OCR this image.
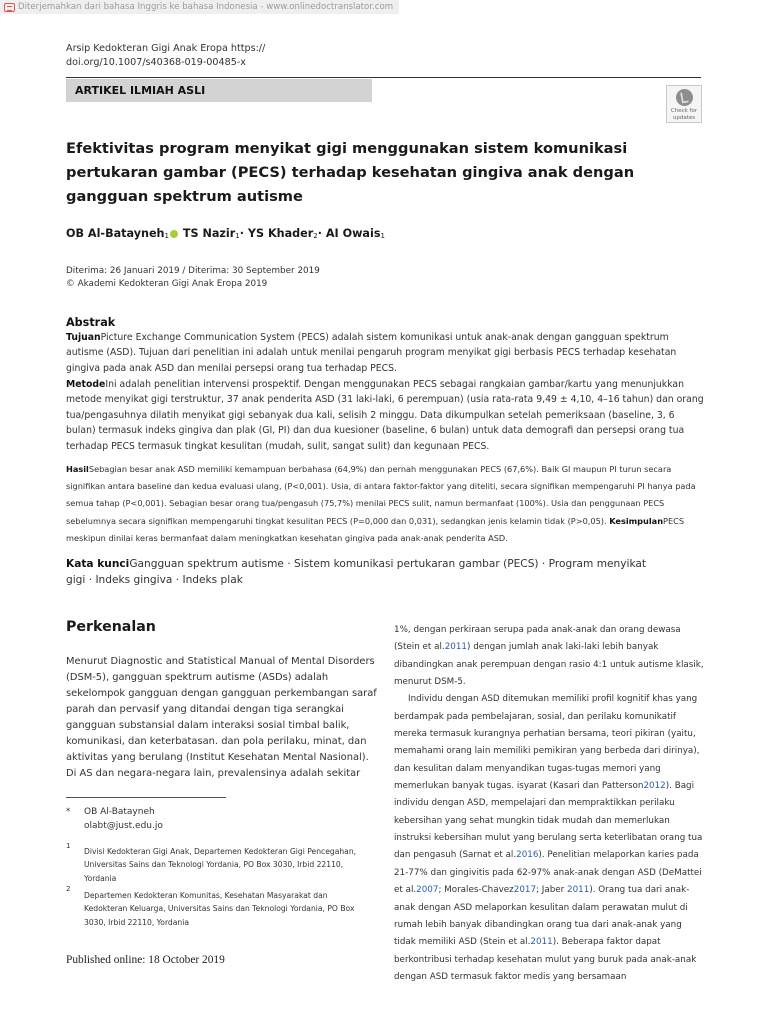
Diterjemahkan dari bahasa Inggris ke bahasa Indonesia - www.onlinedoctranslator.com
Arsip Kedokteran Gigi Anak Eropa https://
doi.org/10.1007/s40368-019-00485-x
ARTIKEL ILMIAH ASLI
Check for
updates
Efektivitas program menyikat gigi menggunakan sistem komunikasi pertukaran gambar (PECS) terhadap kesehatan gingiva anak dengan gangguan spektrum autisme
OB Al-Batayneh$_1$ TS Nazir$_1$· YS Khader$_2$· AI Owais$_1$
Diterima: 26 Januari 2019 / Diterima: 30 September 2019
© Akademi Kedokteran Gigi Anak Eropa 2019
Abstrak
TujuanPicture Exchange Communication System (PECS) adalah sistem komunikasi untuk anak-anak dengan gangguan spektrum autisme (ASD). Tujuan dari penelitian ini adalah untuk menilai pengaruh program menyikat gigi berbasis PECS terhadap kesehatan gingiva pada anak ASD dan menilai persepsi orang tua terhadap PECS.
MetodeIni adalah penelitian intervensi prospektif. Dengan menggunakan PECS sebagai rangkaian gambar/kartu yang menunjukkan metode menyikat gigi terstruktur, 37 anak penderita ASD (31 laki-laki, 6 perempuan) (usia rata-rata 9,49 ± 4,10, 4–16 tahun) dan orang tua/pengasuhnya dilatih menyikat gigi sebanyak dua kali, selisih 2 minggu. Data dikumpulkan setelah pemeriksaan (baseline, 3, 6 bulan) termasuk indeks gingiva dan plak (GI, PI) dan dua kuesioner (baseline, 6 bulan) untuk data demografi dan persepsi orang tua terhadap PECS termasuk tingkat kesulitan (mudah, sulit, sangat sulit) dan kegunaan PECS.
HasilSebagian besar anak ASD memiliki kemampuan berbahasa (64,9%) dan pernah menggunakan PECS (67,6%). Baik GI maupun PI turun secara signifikan antara baseline dan kedua evaluasi ulang, (P<0,001). Usia, di antara faktor-faktor yang diteliti, secara signifikan mempengaruhi PI hanya pada semua tahap (P<0,001). Sebagian besar orang tua/pengasuh (75,7%) menilai PECS sulit, namun bermanfaat (100%). Usia dan penggunaan PECS sebelumnya secara signifikan mempengaruhi tingkat kesulitan PECS (P=0,000 dan 0,031), sedangkan jenis kelamin tidak (P>0,05). KesimpulanPECS meskipun dinilai keras bermanfaat dalam meningkatkan kesehatan gingiva pada anak-anak penderita ASD.
Kata kunciGangguan spektrum autisme · Sistem komunikasi pertukaran gambar (PECS) · Program menyikat gigi · Indeks gingiva · Indeks plak
Perkenalan
Menurut Diagnostic and Statistical Manual of Mental Disorders (DSM-5), gangguan spektrum autisme (ASDs) adalah sekelompok gangguan dengan gangguan perkembangan saraf parah dan pervasif yang ditandai dengan tiga serangkai gangguan substansial dalam interaksi sosial timbal balik, komunikasi, dan keterbatasan. dan pola perilaku, minat, dan aktivitas yang berulang (Institut Kesehatan Mental Nasional). Di AS dan negara-negara lain, prevalensinya adalah sekitar
* OB Al-Batayneh
olabt@just.edu.jo
1
Divisi Kedokteran Gigi Anak, Departemen Kedokteran Gigi Pencegahan, Universitas Sains dan Teknologi Yordania, PO Box 3030, Irbid 22110, Yordania
2
Departemen Kedokteran Komunitas, Kesehatan Masyarakat dan Kedokteran Keluarga, Universitas Sains dan Teknologi Yordania, PO Box 3030, Irbid 22110, Yordania
Published online: 18 October 2019

1%, dengan perkiraan serupa pada anak-anak dan orang dewasa (Stein et al.2011) dengan jumlah anak laki-laki lebih banyak dibandingkan anak perempuan dengan rasio 4:1 untuk autisme klasik, menurut DSM-5.

Individu dengan ASD ditemukan memiliki profil kognitif khas yang berdampak pada pembelajaran, sosial, dan perilaku komunikatif mereka termasuk kurangnya perhatian bersama, teori pikiran (yaitu, memahami orang lain memiliki pemikiran yang berbeda dari dirinya), dan kesulitan dalam menyandikan tugas-tugas memori yang memerlukan banyak tugas. isyarat (Kasari dan Patterson2012). Bagi individu dengan ASD, mempelajari dan mempraktikkan perilaku kebersihan yang sehat mungkin tidak mudah dan memerlukan instruksi kebersihan mulut yang berulang serta keterlibatan orang tua dan pengasuh (Sarnat et al.2016). Penelitian melaporkan karies pada 21-77% dan gingivitis pada 62-97% anak-anak dengan ASD (DeMattei et al.2007; Morales-Chavez2017; Jaber 2011). Orang tua dari anak-anak dengan ASD melaporkan kesulitan dalam perawatan mulut di rumah lebih banyak dibandingkan orang tua dari anak-anak yang tidak memiliki ASD (Stein et al.2011). Beberapa faktor dapat berkontribusi terhadap kesehatan mulut yang buruk pada anak-anak dengan ASD termasuk faktor medis yang bersamaan
